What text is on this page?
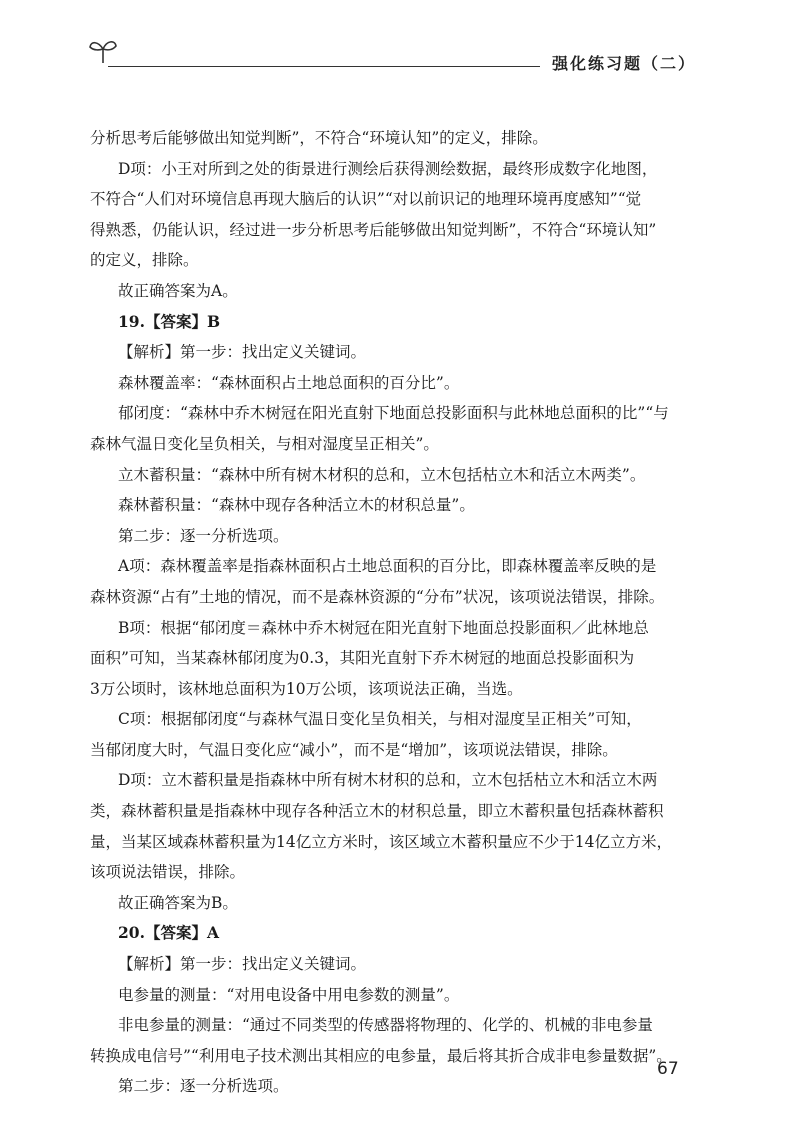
强化练习题（二）
分析思考后能够做出知觉判断”，不符合“环境认知”的定义，排除。
D项：小王对所到之处的街景进行测绘后获得测绘数据，最终形成数字化地图，
不符合“人们对环境信息再现大脑后的认识”“对以前识记的地理环境再度感知”“觉
得熟悉，仍能认识，经过进一步分析思考后能够做出知觉判断”，不符合“环境认知”
的定义，排除。
故正确答案为A。
19.【答案】B
【解析】第一步：找出定义关键词。
森林覆盖率：“森林面积占土地总面积的百分比”。
郁闭度：“森林中乔木树冠在阳光直射下地面总投影面积与此林地总面积的比”“与
森林气温日变化呈负相关，与相对湿度呈正相关”。
立木蓄积量：“森林中所有树木材积的总和，立木包括枯立木和活立木两类”。
森林蓄积量：“森林中现存各种活立木的材积总量”。
第二步：逐一分析选项。
A项：森林覆盖率是指森林面积占土地总面积的百分比，即森林覆盖率反映的是
森林资源“占有”土地的情况，而不是森林资源的“分布”状况，该项说法错误，排除。
B项：根据“郁闭度＝森林中乔木树冠在阳光直射下地面总投影面积／此林地总
面积”可知，当某森林郁闭度为0.3，其阳光直射下乔木树冠的地面总投影面积为
3万公顷时，该林地总面积为10万公顷，该项说法正确，当选。
C项：根据郁闭度“与森林气温日变化呈负相关，与相对湿度呈正相关”可知，
当郁闭度大时，气温日变化应“减小”，而不是“增加”，该项说法错误，排除。
D项：立木蓄积量是指森林中所有树木材积的总和，立木包括枯立木和活立木两
类，森林蓄积量是指森林中现存各种活立木的材积总量，即立木蓄积量包括森林蓄积
量，当某区域森林蓄积量为14亿立方米时，该区域立木蓄积量应不少于14亿立方米，
该项说法错误，排除。
故正确答案为B。
20.【答案】A
【解析】第一步：找出定义关键词。
电参量的测量：“对用电设备中用电参数的测量”。
非电参量的测量：“通过不同类型的传感器将物理的、化学的、机械的非电参量
转换成电信号”“利用电子技术测出其相应的电参量，最后将其折合成非电参量数据”。
第二步：逐一分析选项。
67
